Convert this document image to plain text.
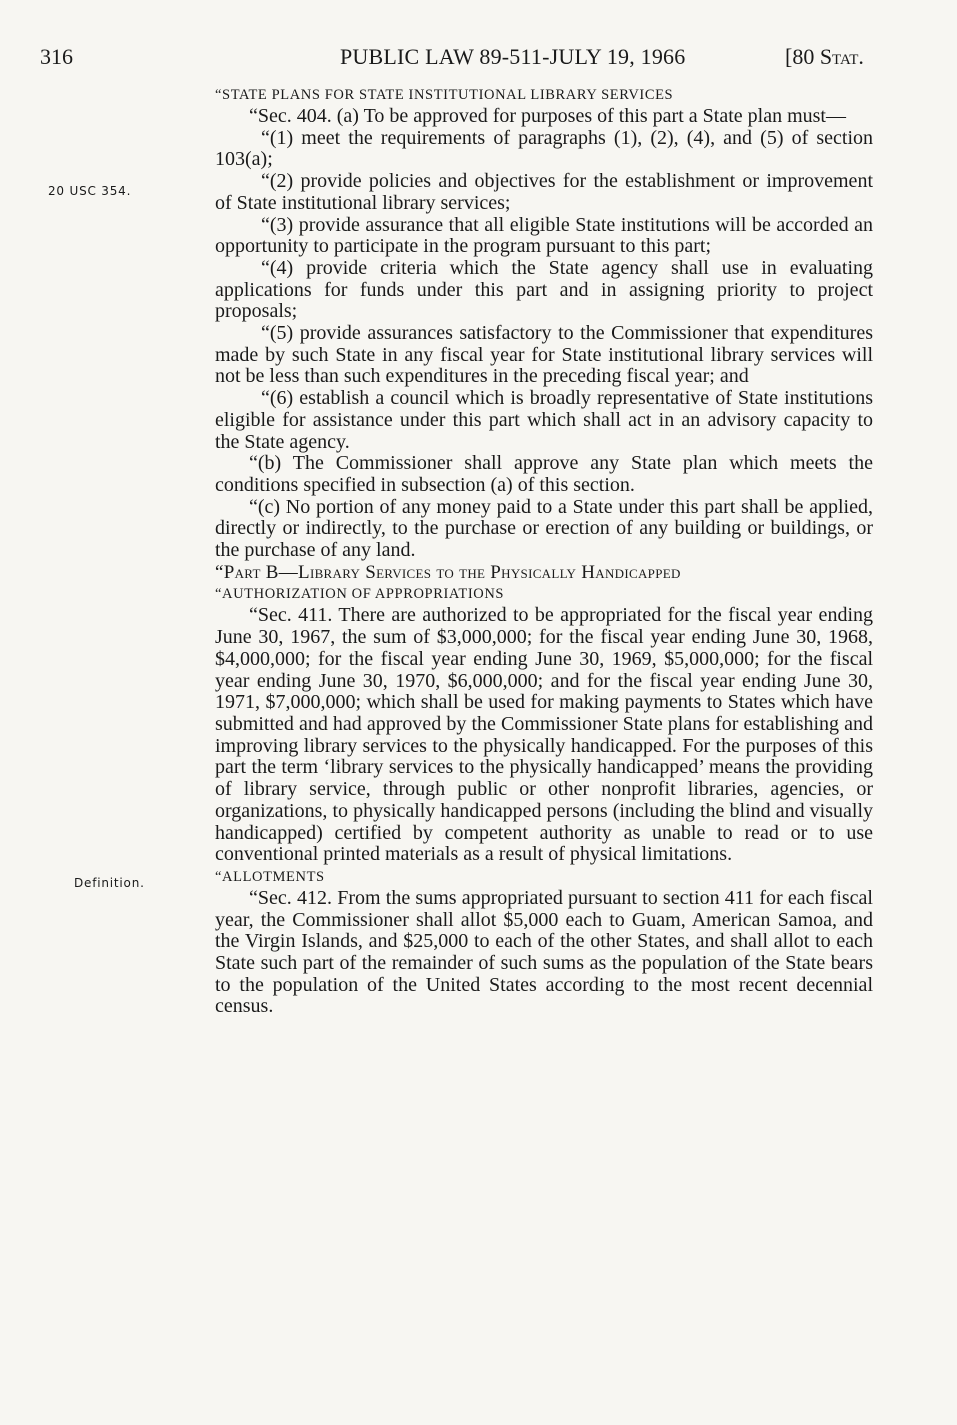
316	PUBLIC LAW 89-511-JULY 19, 1966	[80 Stat.
20 USC 354.
Definition.

“STATE PLANS FOR STATE INSTITUTIONAL LIBRARY SERVICES

“Sec. 404. (a) To be approved for purposes of this part a State plan must—

“(1) meet the requirements of paragraphs (1), (2), (4), and (5) of section 103(a);

“(2) provide policies and objectives for the establishment or improvement of State institutional library services;

“(3) provide assurance that all eligible State institutions will be accorded an opportunity to participate in the program pursuant to this part;

“(4) provide criteria which the State agency shall use in evaluating applications for funds under this part and in assigning priority to project proposals;

“(5) provide assurances satisfactory to the Commissioner that expenditures made by such State in any fiscal year for State institutional library services will not be less than such expenditures in the preceding fiscal year; and

“(6) establish a council which is broadly representative of State institutions eligible for assistance under this part which shall act in an advisory capacity to the State agency.

“(b) The Commissioner shall approve any State plan which meets the conditions specified in subsection (a) of this section.

“(c) No portion of any money paid to a State under this part shall be applied, directly or indirectly, to the purchase or erection of any building or buildings, or the purchase of any land.

“Part B—Library Services to the Physically Handicapped

“AUTHORIZATION OF APPROPRIATIONS

“Sec. 411. There are authorized to be appropriated for the fiscal year ending June 30, 1967, the sum of $3,000,000; for the fiscal year ending June 30, 1968, $4,000,000; for the fiscal year ending June 30, 1969, $5,000,000; for the fiscal year ending June 30, 1970, $6,000,000; and for the fiscal year ending June 30, 1971, $7,000,000; which shall be used for making payments to States which have submitted and had approved by the Commissioner State plans for establishing and improving library services to the physically handicapped. For the purposes of this part the term ‘library services to the physically handicapped’ means the providing of library service, through public or other nonprofit libraries, agencies, or organizations, to physically handicapped persons (including the blind and visually handicapped) certified by competent authority as unable to read or to use conventional printed materials as a result of physical limitations.

“ALLOTMENTS

“Sec. 412. From the sums appropriated pursuant to section 411 for each fiscal year, the Commissioner shall allot $5,000 each to Guam, American Samoa, and the Virgin Islands, and $25,000 to each of the other States, and shall allot to each State such part of the remainder of such sums as the population of the State bears to the population of the United States according to the most recent decennial census.
